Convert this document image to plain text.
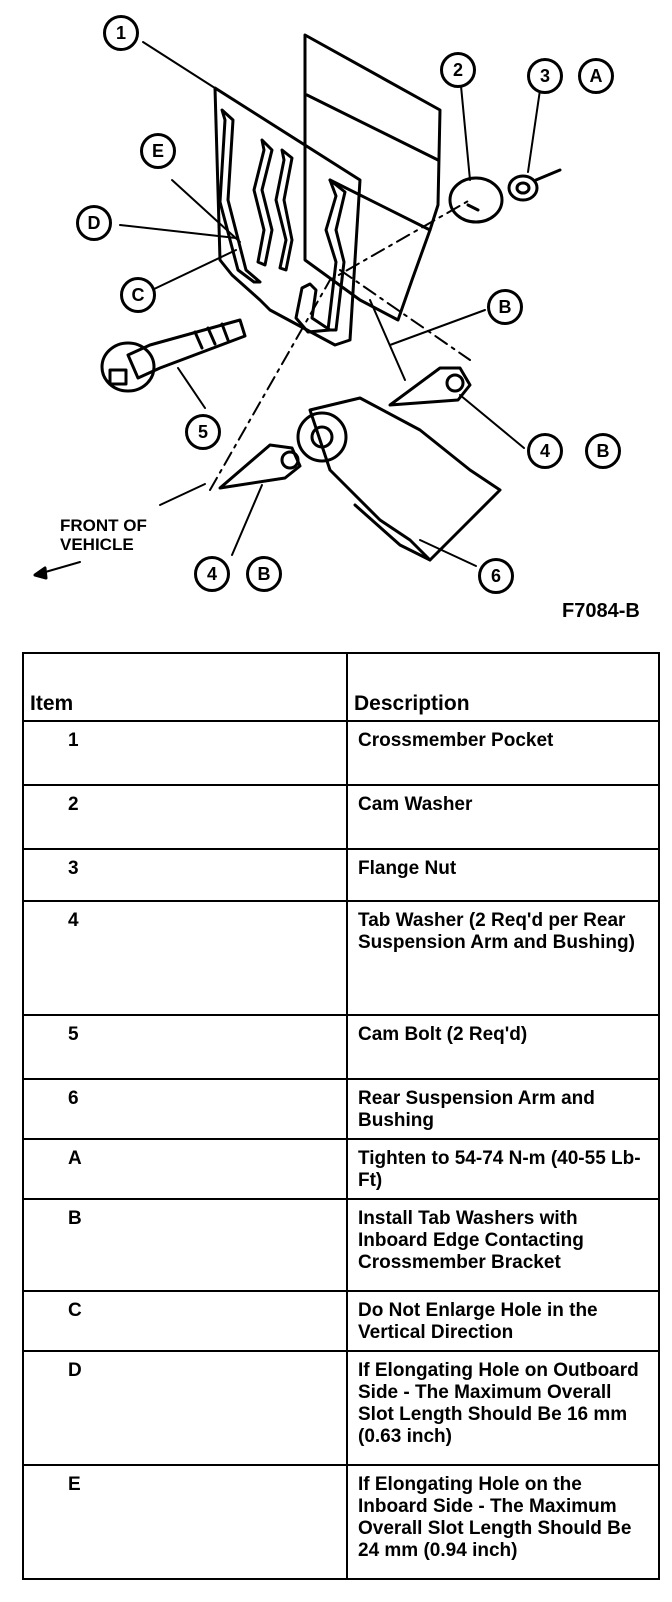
1
2	3	A
E
D
C
B
5
4	B
4	B	6
FRONT OF
VEHICLE
F7084-B
Item	Description
1	Crossmember Pocket
2	Cam Washer
3	Flange Nut
4	Tab Washer (2 Req'd per Rear Suspension Arm and Bushing)
5	Cam Bolt (2 Req'd)
6	Rear Suspension Arm and Bushing
A	Tighten to 54-74 N-m (40-55 Lb-Ft)
B	Install Tab Washers with Inboard Edge Contacting Crossmember Bracket
C	Do Not Enlarge Hole in the Vertical Direction
D	If Elongating Hole on Outboard Side - The Maximum Overall Slot Length Should Be 16 mm (0.63 inch)
E	If Elongating Hole on the Inboard Side - The Maximum Overall Slot Length Should Be 24 mm (0.94 inch)
